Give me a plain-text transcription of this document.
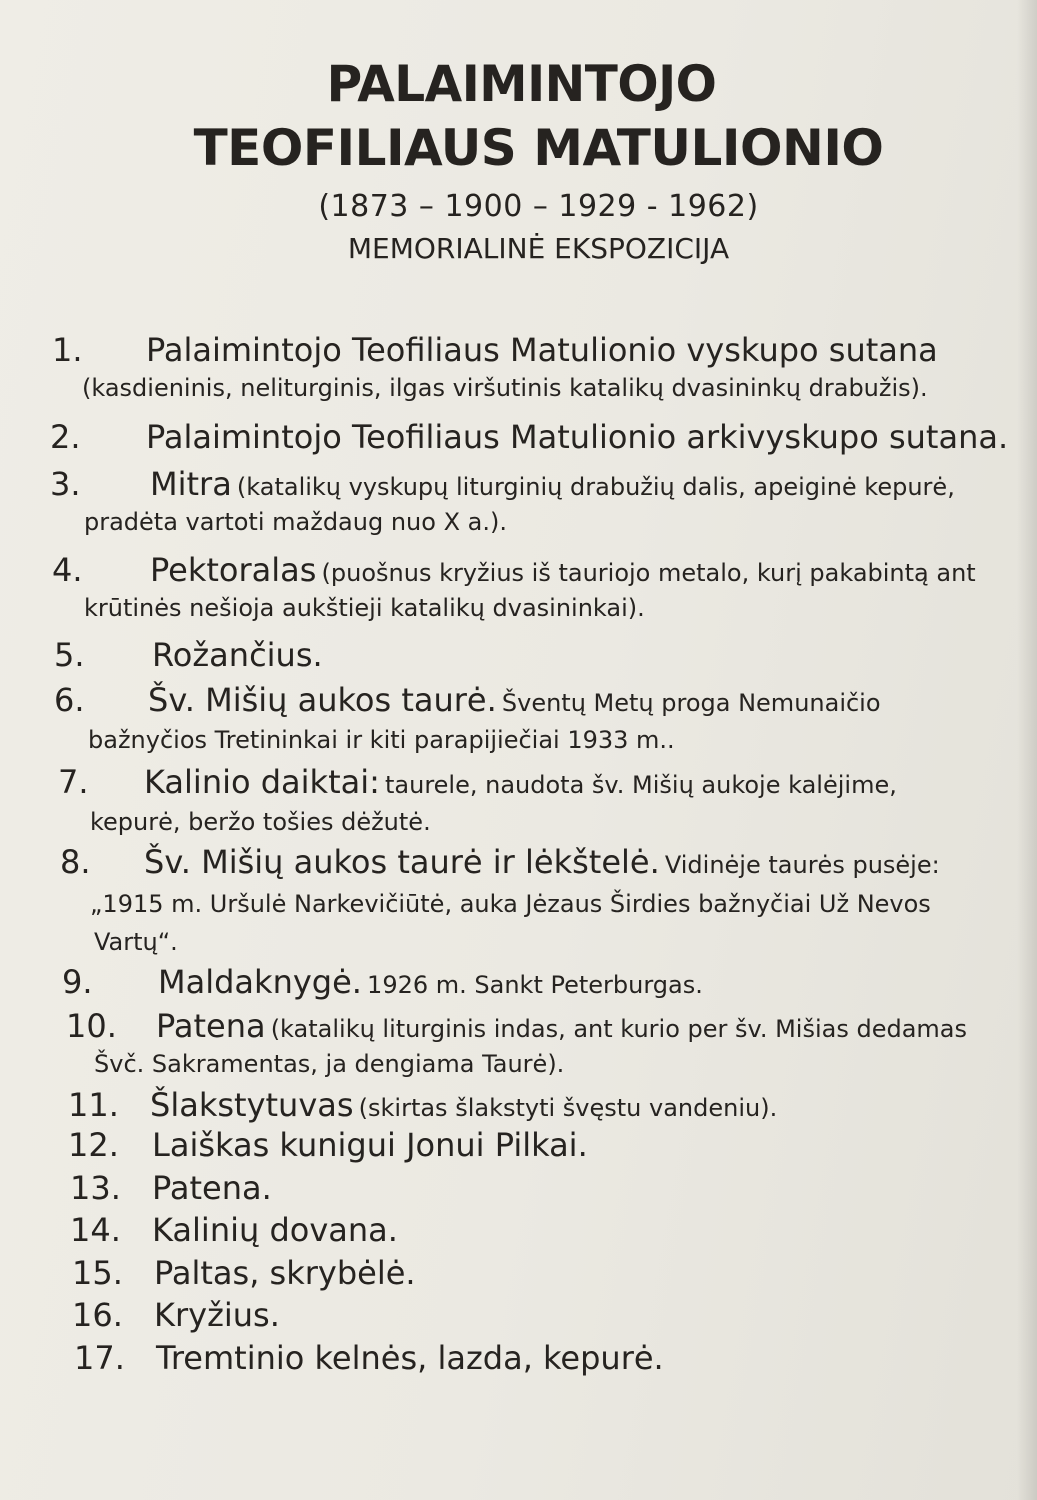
PALAIMINTOJO
TEOFILIAUS MATULIONIO
(1873 – 1900 – 1929 - 1962)
MEMORIALINĖ EKSPOZICIJA
1. Palaimintojo Teofiliaus Matulionio vyskupo sutana
(kasdieninis, neliturginis, ilgas viršutinis katalikų dvasininkų drabužis).
2. Palaimintojo Teofiliaus Matulionio arkivyskupo sutana.
3. Mitra (katalikų vyskupų liturginių drabužių dalis, apeiginė kepurė,
pradėta vartoti maždaug nuo X a.).
4. Pektoralas (puošnus kryžius iš tauriojo metalo, kurį pakabintą ant
krūtinės nešioja aukštieji katalikų dvasininkai).
5. Rožančius.
6. Šv. Mišių aukos taurė. Šventų Metų proga Nemunaičio
bažnyčios Tretininkai ir kiti parapijiečiai 1933 m..
7. Kalinio daiktai: taurele, naudota šv. Mišių aukoje kalėjime,
kepurė, beržo tošies dėžutė.
8. Šv. Mišių aukos taurė ir lėkštelė. Vidinėje taurės pusėje:
„1915 m. Uršulė Narkevičiūtė, auka Jėzaus Širdies bažnyčiai Už Nevos
Vartų“.
9. Maldaknygė. 1926 m. Sankt Peterburgas.
10. Patena (katalikų liturginis indas, ant kurio per šv. Mišias dedamas
Švč. Sakramentas, ja dengiama Taurė).
11. Šlakstytuvas (skirtas šlakstyti švęstu vandeniu).
12. Laiškas kunigui Jonui Pilkai.
13. Patena.
14. Kalinių dovana.
15. Paltas, skrybėlė.
16. Kryžius.
17. Tremtinio kelnės, lazda, kepurė.
